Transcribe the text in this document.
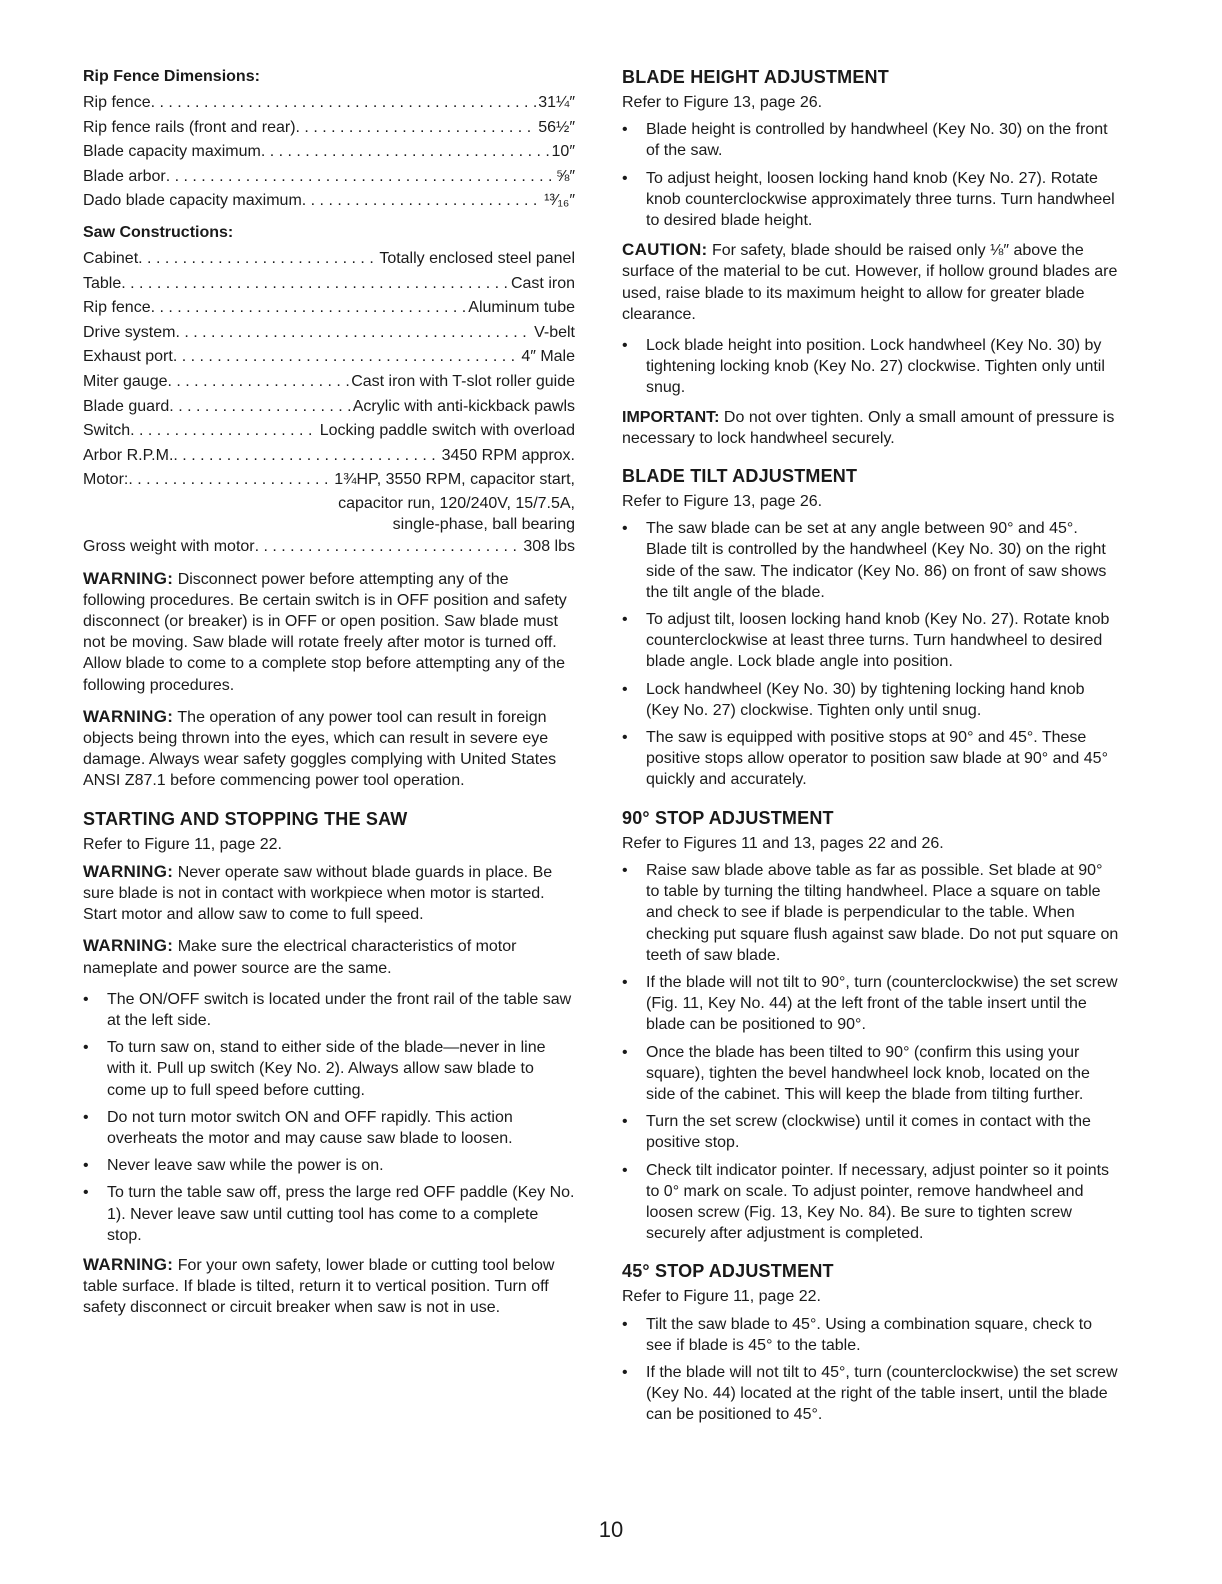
Rip Fence Dimensions:
Rip fence . . .	31¼″
Rip fence rails (front and rear) . . .	56½″
Blade capacity maximum . . .	10″
Blade arbor . . .	⅝″
Dado blade capacity maximum . . .	¹³⁄₁₆″
Saw Constructions:
Cabinet . . .	Totally enclosed steel panel
Table . . .	Cast iron
Rip fence . . .	Aluminum tube
Drive system . . .	V-belt
Exhaust port . . .	4″ Male
Miter gauge . . .	Cast iron with T-slot roller guide
Blade guard . . .	Acrylic with anti-kickback pawls
Switch . . .	Locking paddle switch with overload
Arbor R.P.M. . . .	3450 RPM approx.
Motor: . . .	1¾HP, 3550 RPM, capacitor start,
capacitor run, 120/240V, 15/7.5A,
single-phase, ball bearing
Gross weight with motor . . .	308 lbs

WARNING: Disconnect power before attempting any of the following procedures. Be certain switch is in OFF position and safety disconnect (or breaker) is in OFF or open position. Saw blade must not be moving. Saw blade will rotate freely after motor is turned off. Allow blade to come to a complete stop before attempting any of the following procedures.

WARNING: The operation of any power tool can result in foreign objects being thrown into the eyes, which can result in severe eye damage. Always wear safety goggles complying with United States ANSI Z87.1 before commencing power tool operation.

STARTING AND STOPPING THE SAW

Refer to Figure 11, page 22.

WARNING: Never operate saw without blade guards in place. Be sure blade is not in contact with workpiece when motor is started. Start motor and allow saw to come to full speed.

WARNING: Make sure the electrical characteristics of motor nameplate and power source are the same.

• The ON/OFF switch is located under the front rail of the table saw at the left side.
• To turn saw on, stand to either side of the blade—never in line with it. Pull up switch (Key No. 2). Always allow saw blade to come up to full speed before cutting.
• Do not turn motor switch ON and OFF rapidly. This action overheats the motor and may cause saw blade to loosen.
• Never leave saw while the power is on.
• To turn the table saw off, press the large red OFF paddle (Key No. 1). Never leave saw until cutting tool has come to a complete stop.

WARNING: For your own safety, lower blade or cutting tool below table surface. If blade is tilted, return it to vertical position. Turn off safety disconnect or circuit breaker when saw is not in use.

BLADE HEIGHT ADJUSTMENT

Refer to Figure 13, page 26.

• Blade height is controlled by handwheel (Key No. 30) on the front of the saw.
• To adjust height, loosen locking hand knob (Key No. 27). Rotate knob counterclockwise approximately three turns. Turn handwheel to desired blade height.

CAUTION: For safety, blade should be raised only ⅛″ above the surface of the material to be cut. However, if hollow ground blades are used, raise blade to its maximum height to allow for greater blade clearance.

• Lock blade height into position. Lock handwheel (Key No. 30) by tightening locking knob (Key No. 27) clockwise. Tighten only until snug.

IMPORTANT: Do not over tighten. Only a small amount of pressure is necessary to lock handwheel securely.

BLADE TILT ADJUSTMENT

Refer to Figure 13, page 26.

• The saw blade can be set at any angle between 90° and 45°. Blade tilt is controlled by the handwheel (Key No. 30) on the right side of the saw. The indicator (Key No. 86) on front of saw shows the tilt angle of the blade.
• To adjust tilt, loosen locking hand knob (Key No. 27). Rotate knob counterclockwise at least three turns. Turn handwheel to desired blade angle. Lock blade angle into position.
• Lock handwheel (Key No. 30) by tightening locking hand knob (Key No. 27) clockwise. Tighten only until snug.
• The saw is equipped with positive stops at 90° and 45°. These positive stops allow operator to position saw blade at 90° and 45° quickly and accurately.
90° STOP ADJUSTMENT

Refer to Figures 11 and 13, pages 22 and 26.

• Raise saw blade above table as far as possible. Set blade at 90° to table by turning the tilting handwheel. Place a square on table and check to see if blade is perpendicular to the table. When checking put square flush against saw blade. Do not put square on teeth of saw blade.
• If the blade will not tilt to 90°, turn (counterclockwise) the set screw (Fig. 11, Key No. 44) at the left front of the table insert until the blade can be positioned to 90°.
• Once the blade has been tilted to 90° (confirm this using your square), tighten the bevel handwheel lock knob, located on the side of the cabinet. This will keep the blade from tilting further.
• Turn the set screw (clockwise) until it comes in contact with the positive stop.
• Check tilt indicator pointer. If necessary, adjust pointer so it points to 0° mark on scale. To adjust pointer, remove handwheel and loosen screw (Fig. 13, Key No. 84). Be sure to tighten screw securely after adjustment is completed.
45° STOP ADJUSTMENT

Refer to Figure 11, page 22.

• Tilt the saw blade to 45°. Using a combination square, check to see if blade is 45° to the table.
• If the blade will not tilt to 45°, turn (counterclockwise) the set screw (Key No. 44) located at the right of the table insert, until the blade can be positioned to 45°.
10
